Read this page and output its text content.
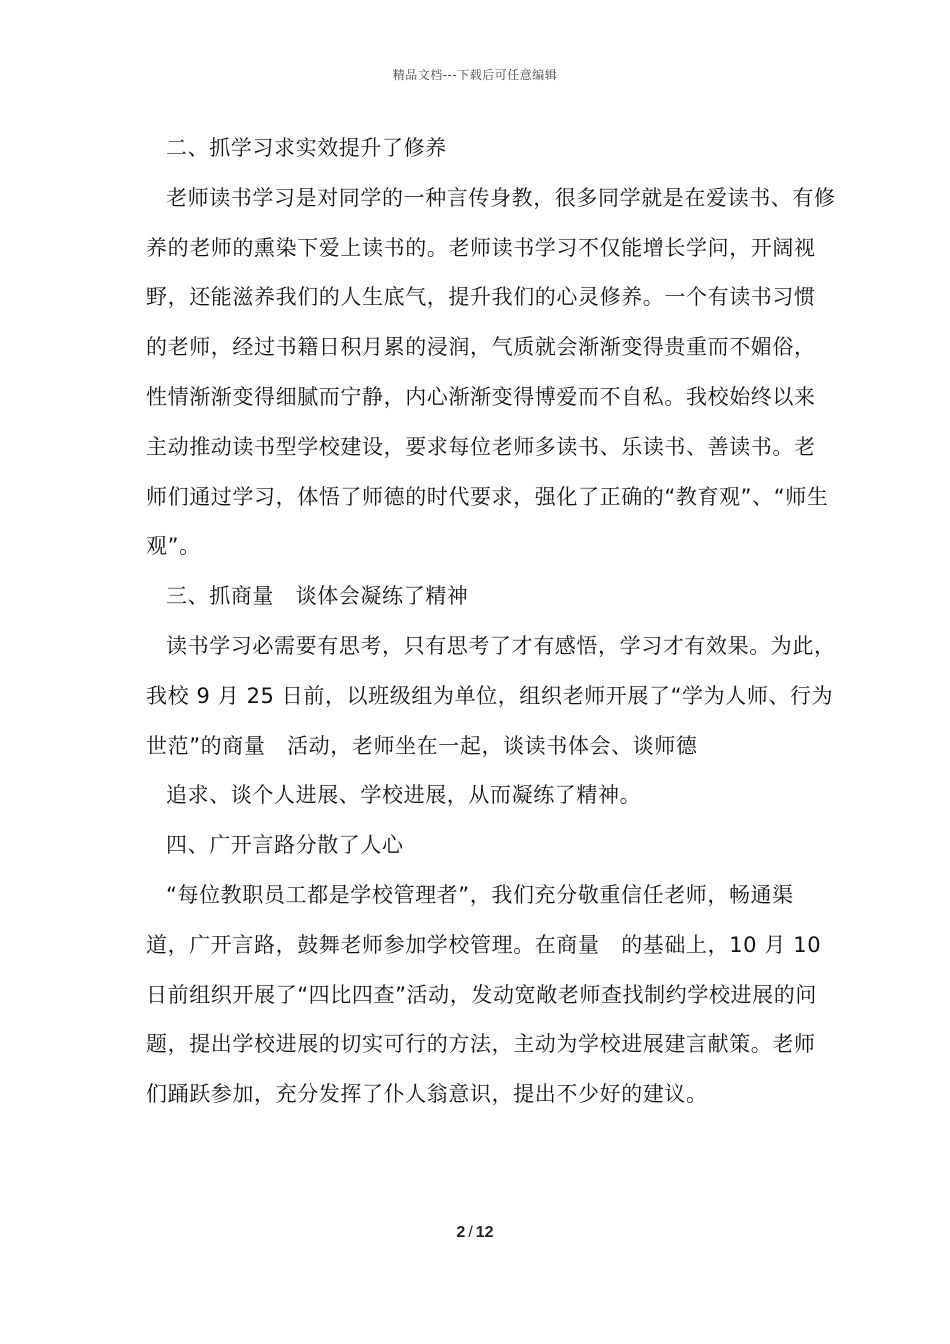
精品文档---下载后可任意编辑

二、抓学习求实效提升了修养

老师读书学习是对同学的一种言传身教，很多同学就是在爱读书、有修养的老师的熏染下爱上读书的。老师读书学习不仅能增长学问，开阔视野，还能滋养我们的人生底气，提升我们的心灵修养。一个有读书习惯的老师，经过书籍日积月累的浸润，气质就会渐渐变得贵重而不媚俗，性情渐渐变得细腻而宁静，内心渐渐变得博爱而不自私。我校始终以来主动推动读书型学校建设，要求每位老师多读书、乐读书、善读书。老师们通过学习，体悟了师德的时代要求，强化了正确的“教育观”、“师生观”。

三、抓商量　谈体会凝练了精神

读书学习必需要有思考，只有思考了才有感悟，学习才有效果。为此，我校 9 月 25 日前，以班级组为单位，组织老师开展了“学为人师、行为世范”的商量　活动，老师坐在一起，谈读书体会、谈师德

追求、谈个人进展、学校进展，从而凝练了精神。

四、广开言路分散了人心

“每位教职员工都是学校管理者”，我们充分敬重信任老师，畅通渠道，广开言路，鼓舞老师参加学校管理。在商量　的基础上，10 月 10 日前组织开展了“四比四查”活动，发动宽敞老师查找制约学校进展的问题，提出学校进展的切实可行的方法，主动为学校进展建言献策。老师们踊跃参加，充分发挥了仆人翁意识，提出不少好的建议。

2 / 12
